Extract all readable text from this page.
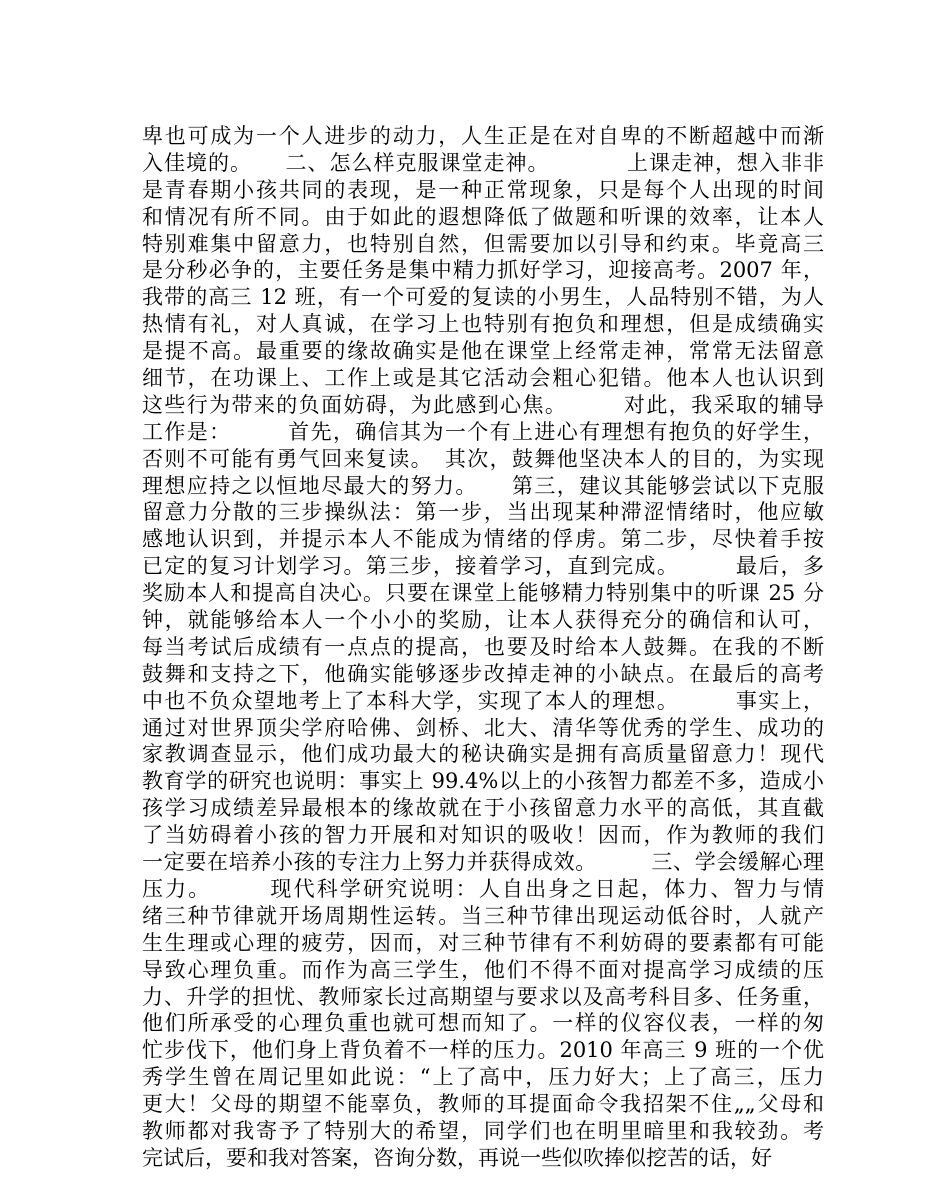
卑也可成为一个人进步的动力，人生正是在对自卑的不断超越中而渐
入佳境的。　　二、怎么样克服课堂走神。　　　　上课走神，想入非非
是青春期小孩共同的表现，是一种正常现象，只是每个人出现的时间
和情况有所不同。由于如此的遐想降低了做题和听课的效率，让本人
特别难集中留意力，也特别自然，但需要加以引导和约束。毕竟高三
是分秒必争的，主要任务是集中精力抓好学习，迎接高考。2007 年，
我带的高三 12 班，有一个可爱的复读的小男生，人品特别不错，为人
热情有礼，对人真诚，在学习上也特别有抱负和理想，但是成绩确实
是提不高。最重要的缘故确实是他在课堂上经常走神，常常无法留意
细节，在功课上、工作上或是其它活动会粗心犯错。他本人也认识到
这些行为带来的负面妨碍，为此感到心焦。　　　对此，我采取的辅导
工作是：　　　首先，确信其为一个有上进心有理想有抱负的好学生，
否则不可能有勇气回来复读。　其次，鼓舞他坚决本人的目的，为实现
理想应持之以恒地尽最大的努力。　　第三，建议其能够尝试以下克服
留意力分散的三步操纵法：第一步，当出现某种滞涩情绪时，他应敏
感地认识到，并提示本人不能成为情绪的俘虏。第二步，尽快着手按
已定的复习计划学习。第三步，接着学习，直到完成。　　　最后，多
奖励本人和提高自决心。只要在课堂上能够精力特别集中的听课 25 分
钟，就能够给本人一个小小的奖励，让本人获得充分的确信和认可，
每当考试后成绩有一点点的提高，也要及时给本人鼓舞。在我的不断
鼓舞和支持之下，他确实能够逐步改掉走神的小缺点。在最后的高考
中也不负众望地考上了本科大学，实现了本人的理想。　　　事实上，
通过对世界顶尖学府哈佛、剑桥、北大、清华等优秀的学生、成功的
家教调查显示，他们成功最大的秘诀确实是拥有高质量留意力！现代
教育学的研究也说明：事实上 99.4%以上的小孩智力都差不多，造成小
孩学习成绩差异最根本的缘故就在于小孩留意力水平的高低，其直截
了当妨碍着小孩的智力开展和对知识的吸收！因而，作为教师的我们
一定要在培养小孩的专注力上努力并获得成效。　　　三、学会缓解心理
压力。　　　现代科学研究说明：人自出身之日起，体力、智力与情
绪三种节律就开场周期性运转。当三种节律出现运动低谷时，人就产
生生理或心理的疲劳，因而，对三种节律有不利妨碍的要素都有可能
导致心理负重。而作为高三学生，他们不得不面对提高学习成绩的压
力、升学的担忧、教师家长过高期望与要求以及高考科目多、任务重，
他们所承受的心理负重也就可想而知了。一样的仪容仪表，一样的匆
忙步伐下，他们身上背负着不一样的压力。2010 年高三 9 班的一个优
秀学生曾在周记里如此说：“上了高中，压力好大；上了高三，压力
更大！父母的期望不能辜负，教师的耳提面命令我招架不住„„父母和
教师都对我寄予了特别大的希望，同学们也在明里暗里和我较劲。考
完试后，要和我对答案，咨询分数，再说一些似吹捧似挖苦的话，好
